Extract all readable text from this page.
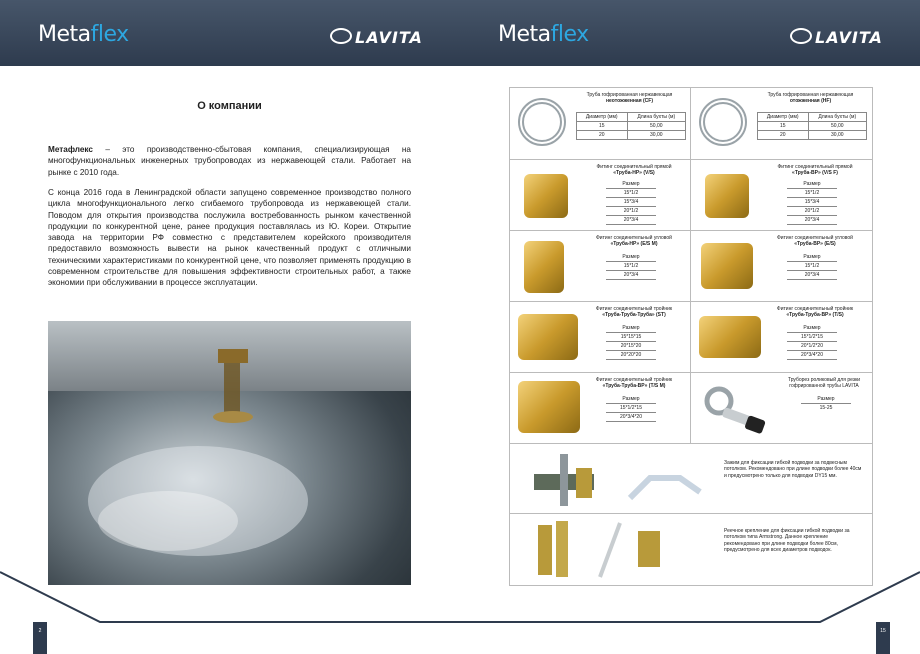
Metaflex	LAVITA	Metaflex	LAVITA
О компании
Метафлекс – это производственно-сбытовая компания, специализирующая на многофункциональных инженерных трубопроводах из нержавеющей стали. Работает на рынке с 2010 года.
С конца 2016 года в Ленинградской области запущено современное производство полного цикла многофункционального легко сгибаемого трубопровода из нержавеющей стали. Поводом для открытия производства послужила востребованность рынком качественной продукции по конкурентной цене, ранее продукция поставлялась из Ю. Кореи. Открытие завода на территории РФ совместно с представителем корейского производителя предоставило возможность вывести на рынок качественный продукт с отличными техническими характеристиками по конкурентной цене, что позволяет применять продукцию в современном строительстве для повышения эффективности строительных работ, а также экономии при обслуживании в процессе эксплуатации.
Труба гофрированная нержавеющая
неотожженная (CF)
Диаметр (мм)	Длина бухты (м)
15	50,00
20	30,00
Труба гофрированная нержавеющая
отожженная (HF)
Диаметр (мм)	Длина бухты (м)
15	50,00
20	30,00
Фитинг соединительный прямой
«Труба-НР» (V/S)
Размер
15*1/2
15*3/4
20*1/2
20*3/4
Фитинг соединительный прямой
«Труба-ВР» (V/S F)
Размер
15*1/2
15*3/4
20*1/2
20*3/4
Фитинг соединительный угловой
«Труба-НР» (E/S M)
Размер
15*1/2
20*3/4
Фитинг соединительный угловой
«Труба-ВР» (E/S)
Размер
15*1/2
20*3/4
Фитинг соединительный тройник
«Труба-Труба-Труба» (ST)
Размер
15*15*15
20*15*20
20*20*20
Фитинг соединительный тройник
«Труба-Труба-ВР» (T/S)
Размер
15*1/2*15
20*1/2*20
20*3/4*20
Фитинг соединительный тройник
«Труба-Труба-ВР» (T/S M)
Размер
15*1/2*15
20*3/4*20
Труборез роликовый для резки гофрированной трубы LAVITA
Размер
15-25
Зажим для фиксации гибкой подводки за подвесным потолком. Рекомендовано при длине подводки более 40см и предусмотрено только для подводки DY15 мм.
Реечное крепление для фиксации гибкой подводки за потолком типа Armstrong. Данное крепление рекомендовано при длине подводки более 80см, предусмотрено для всех диаметров подводок.
2	15
